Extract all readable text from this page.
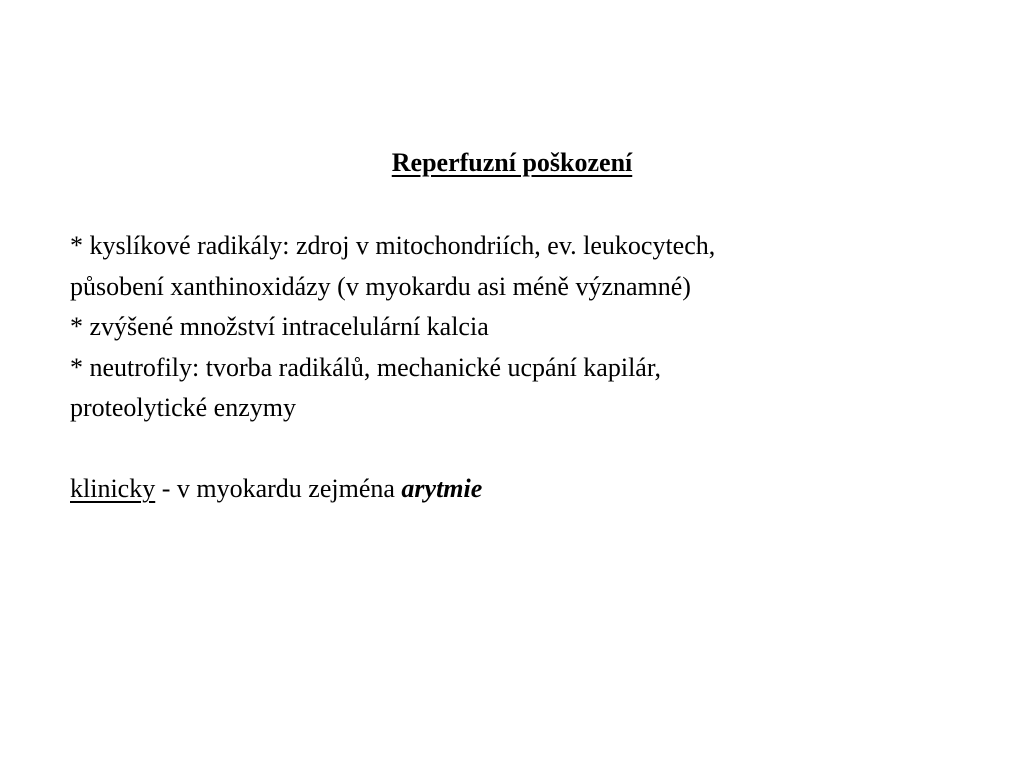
Reperfuzní poškození

* kyslíkové radikály: zdroj v mitochondriích, ev. leukocytech,

působení xanthinoxidázy (v myokardu asi méně významné)

* zvýšené množství intracelulární kalcia

* neutrofily: tvorba radikálů, mechanické ucpání kapilár,

proteolytické enzymy

klinicky - v myokardu zejména arytmie
